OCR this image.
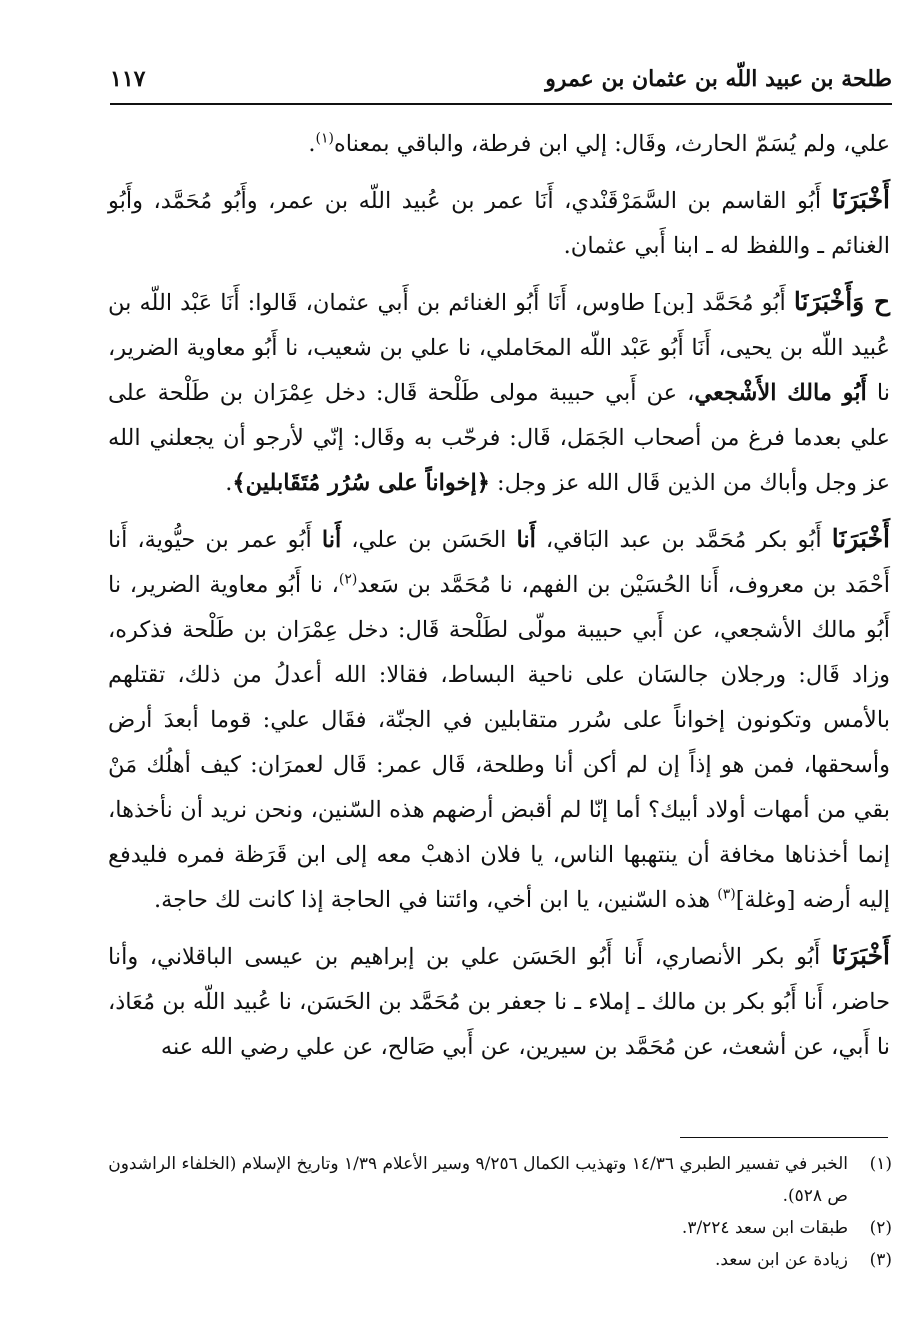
طلحة بن عبيد اللّه بن عثمان بن عمرو
١١٧

علي، ولم يُسَمّ الحارث، وقَال: إلي ابن فرطة، والباقي بمعناه$^{(١)}$.

أَخْبَرَنَا أَبُو القاسم بن السَّمَرْقَنْدي، أَنَا عمر بن عُبيد اللّه بن عمر، وأَبُو مُحَمَّد، وأَبُو الغنائم ـ واللفظ له ـ ابنا أَبي عثمان.

ح وَأَخْبَرَنَا أَبُو مُحَمَّد [بن] طاوس، أَنَا أَبُو الغنائم بن أَبي عثمان، قَالوا: أَنَا عَبْد اللّه بن عُبيد اللّه بن يحيى، أَنَا أَبُو عَبْد اللّه المحَاملي، نا علي بن شعيب، نا أَبُو معاوية الضرير، نا أَبُو مالك الأَشْجعي، عن أَبي حبيبة مولى طَلْحة قَال: دخل عِمْرَان بن طَلْحة على علي بعدما فرغ من أصحاب الجَمَل، قَال: فرحّب به وقَال: إنّي لأرجو أن يجعلني الله عز وجل وأباك من الذين قَال الله عز وجل: ﴿إخواناً على سُرُر مُتَقَابلين﴾.

أَخْبَرَنَا أَبُو بكر مُحَمَّد بن عبد البَاقي، أَنا الحَسَن بن علي، أَنا أَبُو عمر بن حيُّوية، أَنا أَحْمَد بن معروف، أَنا الحُسَيْن بن الفهم، نا مُحَمَّد بن سَعد$^{(٢)}$، نا أَبُو معاوية الضرير، نا أَبُو مالك الأشجعي، عن أَبي حبيبة مولّى لطَلْحة قَال: دخل عِمْرَان بن طَلْحة فذكره، وزاد قَال: ورجلان جالسَان على ناحية البساط، فقالا: الله أعدلُ من ذلك، تقتلهم بالأمس وتكونون إخواناً على سُرر متقابلين في الجنّة، فقَال علي: قوما أبعدَ أرض وأسحقها، فمن هو إذاً إن لم أكن أنا وطلحة، قَال عمر: قَال لعمرَان: كيف أهلُك مَنْ بقي من أمهات أولاد أبيك؟ أما إنّا لم أقبض أرضهم هذه السّنين، ونحن نريد أن نأخذها، إنما أخذناها مخافة أن ينتهبها الناس، يا فلان اذهبْ معه إلى ابن قَرَظة فمره فليدفع إليه أرضه [وغلة]$^{(٣)}$ هذه السّنين، يا ابن أخي، وائتنا في الحاجة إذا كانت لك حاجة.

أَخْبَرَنَا أَبُو بكر الأنصاري، أَنا أَبُو الحَسَن علي بن إبراهيم بن عيسى الباقلاني، وأنا حاضر، أَنا أَبُو بكر بن مالك ـ إملاء ـ نا جعفر بن مُحَمَّد بن الحَسَن، نا عُبيد اللّه بن مُعَاذ، نا أَبي، عن أشعث، عن مُحَمَّد بن سيرين، عن أَبي صَالح، عن علي رضي الله عنه

(١)
الخبر في تفسير الطبري ١٤/٣٦ وتهذيب الكمال ٩/٢٥٦ وسير الأعلام ١/٣٩ وتاريخ الإسلام (الخلفاء الراشدون ص ٥٢٨).
(٢)
طبقات ابن سعد ٣/٢٢٤.
(٣)
زيادة عن ابن سعد.
